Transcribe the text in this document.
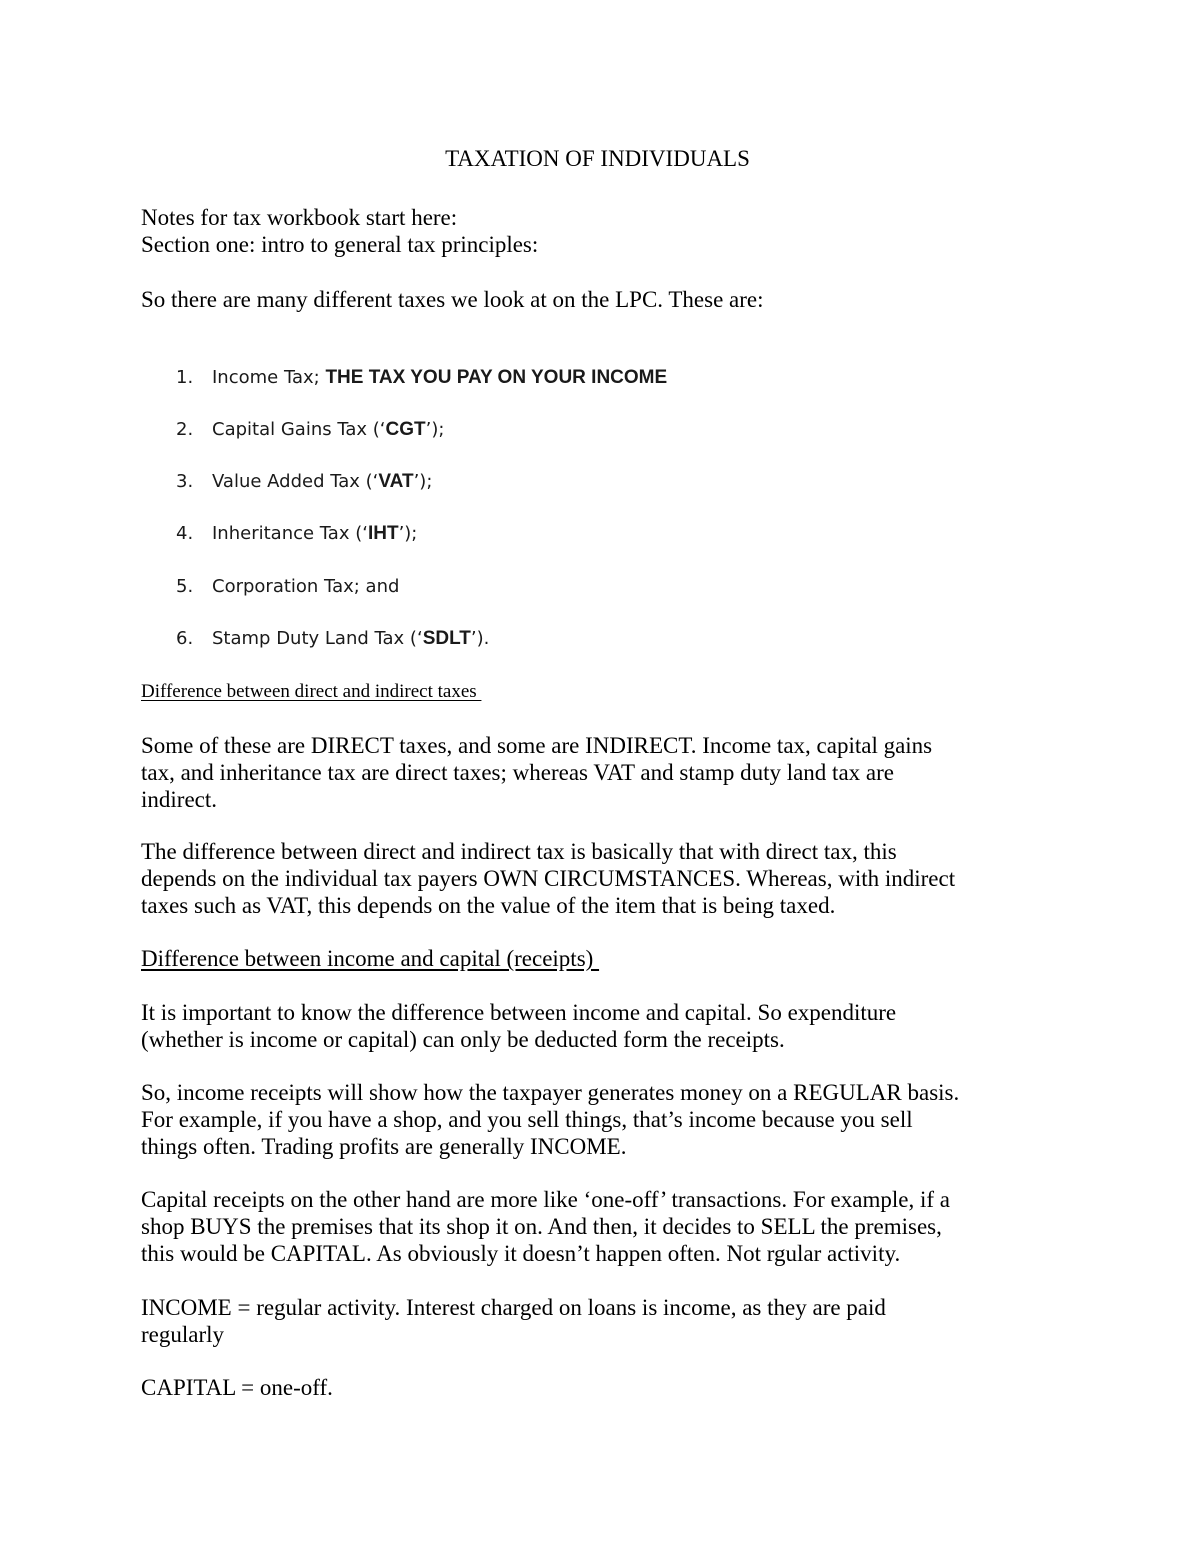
TAXATION OF INDIVIDUALS
Notes for tax workbook start here:
Section one: intro to general tax principles:
So there are many different taxes we look at on the LPC. These are:
1. Income Tax; THE TAX YOU PAY ON YOUR INCOME
2. Capital Gains Tax (‘CGT’);
3. Value Added Tax (‘VAT’);
4. Inheritance Tax (‘IHT’);
5. Corporation Tax; and
6. Stamp Duty Land Tax (‘SDLT’).
Difference between direct and indirect taxes
Some of these are DIRECT taxes, and some are INDIRECT. Income tax, capital gains
tax, and inheritance tax are direct taxes; whereas VAT and stamp duty land tax are
indirect.
The difference between direct and indirect tax is basically that with direct tax, this
depends on the individual tax payers OWN CIRCUMSTANCES. Whereas, with indirect
taxes such as VAT, this depends on the value of the item that is being taxed.
Difference between income and capital (receipts)
It is important to know the difference between income and capital. So expenditure
(whether is income or capital) can only be deducted form the receipts.
So, income receipts will show how the taxpayer generates money on a REGULAR basis.
For example, if you have a shop, and you sell things, that’s income because you sell
things often. Trading profits are generally INCOME.
Capital receipts on the other hand are more like ‘one-off’ transactions. For example, if a
shop BUYS the premises that its shop it on. And then, it decides to SELL the premises,
this would be CAPITAL. As obviously it doesn’t happen often. Not rgular activity.
INCOME = regular activity. Interest charged on loans is income, as they are paid
regularly
CAPITAL = one-off.
